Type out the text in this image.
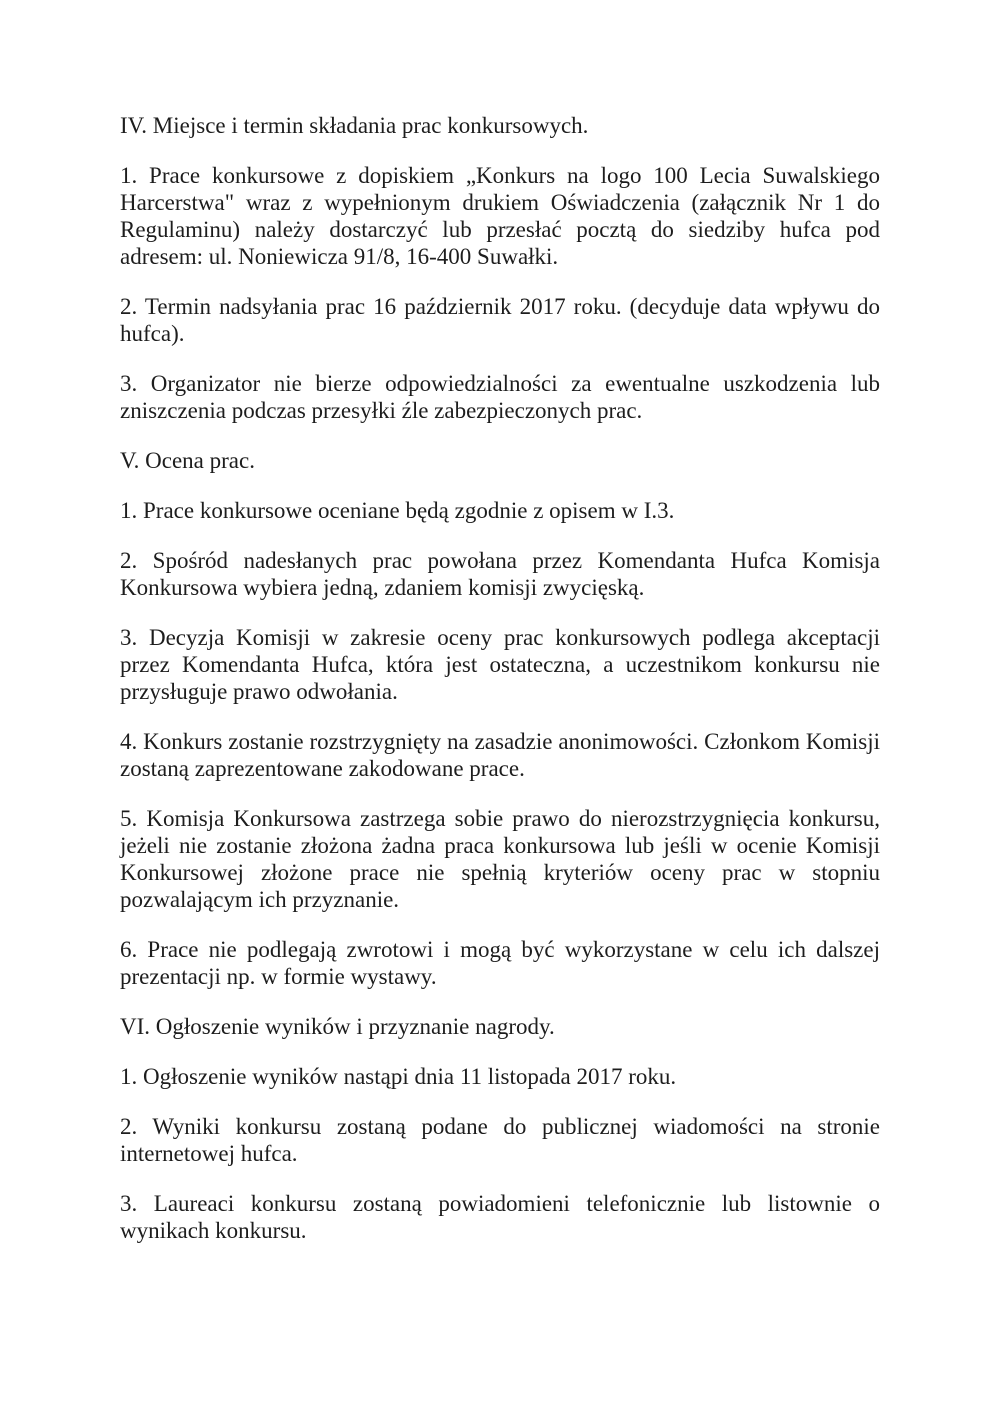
IV. Miejsce i termin składania prac konkursowych.

1. Prace konkursowe z dopiskiem „Konkurs na logo 100 Lecia Suwalskiego Harcerstwa" wraz z wypełnionym drukiem Oświadczenia (załącznik Nr 1 do Regulaminu) należy dostarczyć lub przesłać pocztą do siedziby hufca pod adresem: ul. Noniewicza 91/8, 16-400 Suwałki.

2. Termin nadsyłania prac 16 październik 2017 roku. (decyduje data wpływu do hufca).

3. Organizator nie bierze odpowiedzialności za ewentualne uszkodzenia lub zniszczenia podczas przesyłki źle zabezpieczonych prac.

V. Ocena prac.

1. Prace konkursowe oceniane będą zgodnie z opisem w I.3.

2. Spośród nadesłanych prac powołana przez Komendanta Hufca Komisja Konkursowa wybiera jedną, zdaniem komisji zwycięską.

3. Decyzja Komisji w zakresie oceny prac konkursowych podlega akceptacji przez Komendanta Hufca, która jest ostateczna, a uczestnikom konkursu nie przysługuje prawo odwołania.

4. Konkurs zostanie rozstrzygnięty na zasadzie anonimowości. Członkom Komisji zostaną zaprezentowane zakodowane prace.

5. Komisja Konkursowa zastrzega sobie prawo do nierozstrzygnięcia konkursu, jeżeli nie zostanie złożona żadna praca konkursowa lub jeśli w ocenie Komisji Konkursowej złożone prace nie spełnią kryteriów oceny prac w stopniu pozwalającym ich przyznanie.

6. Prace nie podlegają zwrotowi i mogą być wykorzystane w celu ich dalszej prezentacji np. w formie wystawy.

VI. Ogłoszenie wyników i przyznanie nagrody.

1. Ogłoszenie wyników nastąpi dnia 11 listopada 2017 roku.

2. Wyniki konkursu zostaną podane do publicznej wiadomości na stronie internetowej hufca.

3. Laureaci konkursu zostaną powiadomieni telefonicznie lub listownie o wynikach konkursu.
